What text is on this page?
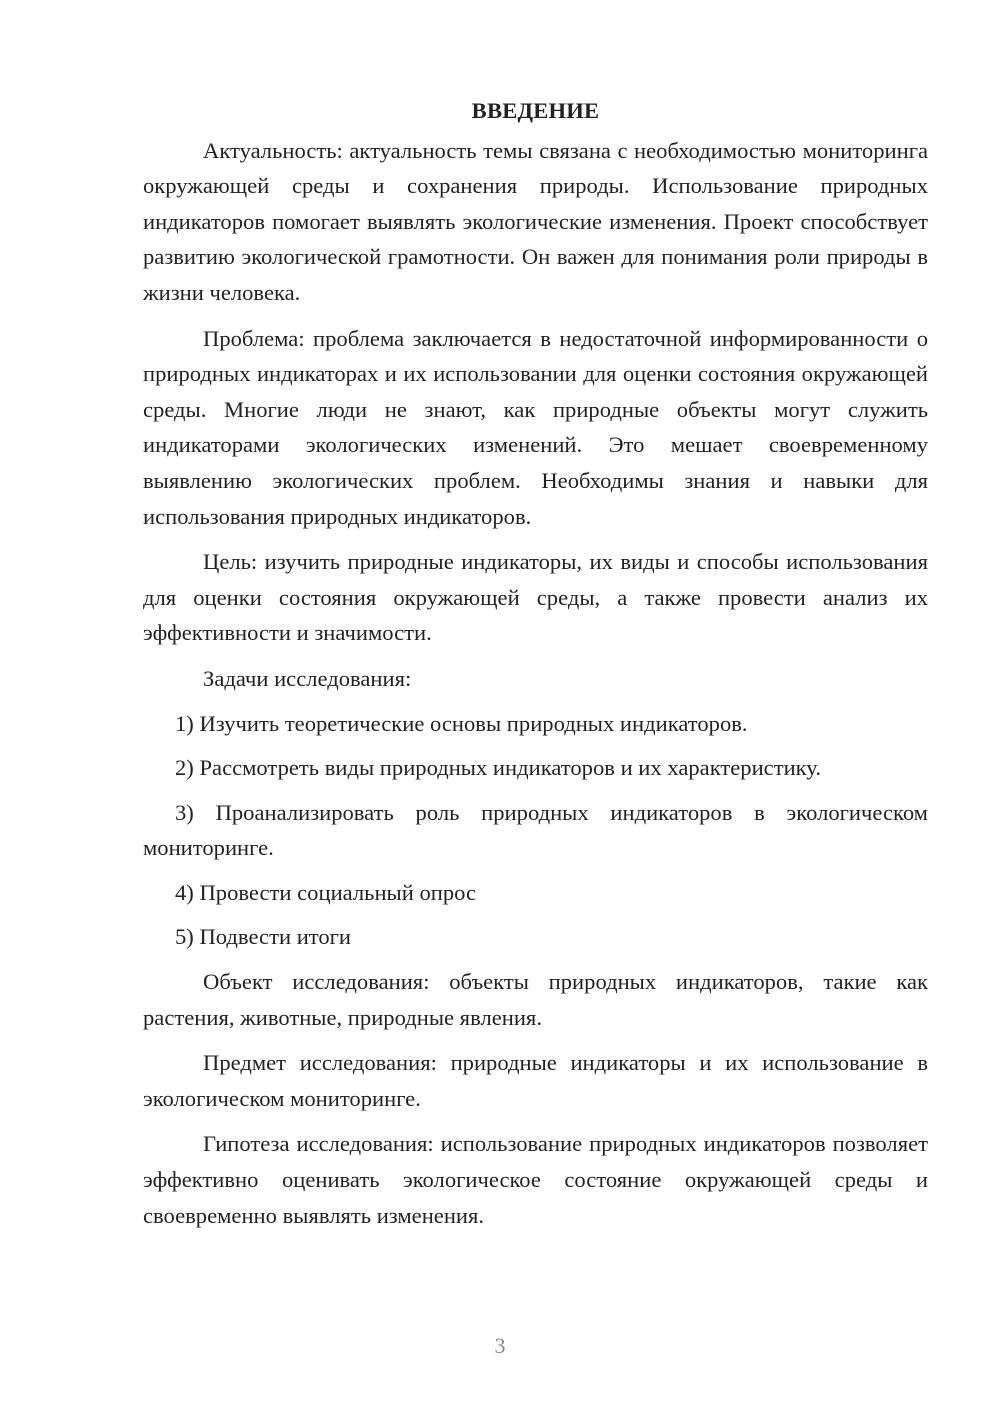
ВВЕДЕНИЕ

Актуальность: актуальность темы связана с необходимостью мониторинга окружающей среды и сохранения природы. Использование природных индикаторов помогает выявлять экологические изменения. Проект способствует развитию экологической грамотности. Он важен для понимания роли природы в жизни человека.

Проблема: проблема заключается в недостаточной информированности о природных индикаторах и их использовании для оценки состояния окружающей среды. Многие люди не знают, как природные объекты могут служить индикаторами экологических изменений. Это мешает своевременному выявлению экологических проблем. Необходимы знания и навыки для использования природных индикаторов.

Цель: изучить природные индикаторы, их виды и способы использования для оценки состояния окружающей среды, а также провести анализ их эффективности и значимости.

Задачи исследования:

1) Изучить теоретические основы природных индикаторов.

2) Рассмотреть виды природных индикаторов и их характеристику.

3) Проанализировать роль природных индикаторов в экологическом мониторинге.

4) Провести социальный опрос

5) Подвести итоги

Объект исследования: объекты природных индикаторов, такие как растения, животные, природные явления.

Предмет исследования: природные индикаторы и их использование в экологическом мониторинге.

Гипотеза исследования: использование природных индикаторов позволяет эффективно оценивать экологическое состояние окружающей среды и своевременно выявлять изменения.

3
